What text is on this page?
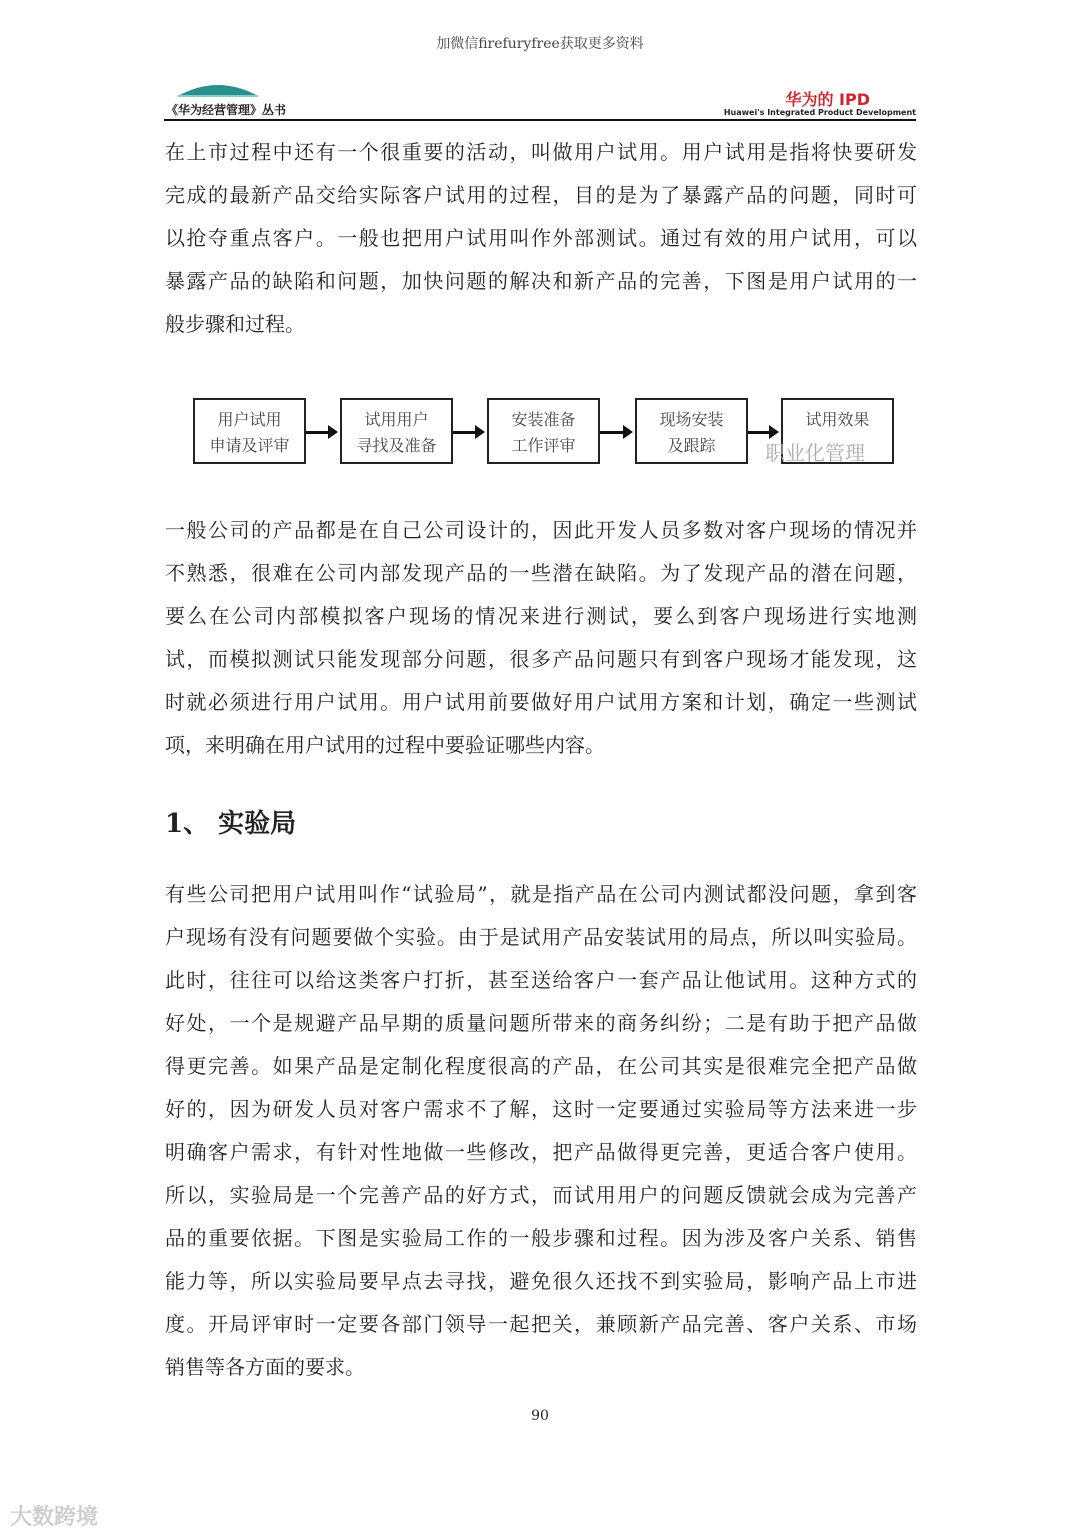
加微信firefuryfree获取更多资料
《华为经营管理》丛书
华为的 IPD
Huawei's Integrated Product Development
在上市过程中还有一个很重要的活动，叫做用户试用。用户试用是指将快要研发
完成的最新产品交给实际客户试用的过程，目的是为了暴露产品的问题，同时可
以抢夺重点客户。一般也把用户试用叫作外部测试。通过有效的用户试用，可以
暴露产品的缺陷和问题，加快问题的解决和新产品的完善，下图是用户试用的一
般步骤和过程。
用户试用
申请及评审
试用用户
寻找及准备
安装准备
工作评审
现场安装
及跟踪
试用效果
职业化管理
一般公司的产品都是在自己公司设计的，因此开发人员多数对客户现场的情况并
不熟悉，很难在公司内部发现产品的一些潜在缺陷。为了发现产品的潜在问题，
要么在公司内部模拟客户现场的情况来进行测试，要么到客户现场进行实地测
试，而模拟测试只能发现部分问题，很多产品问题只有到客户现场才能发现，这
时就必须进行用户试用。用户试用前要做好用户试用方案和计划，确定一些测试
项，来明确在用户试用的过程中要验证哪些内容。
1、 实验局
有些公司把用户试用叫作“试验局”，就是指产品在公司内测试都没问题，拿到客
户现场有没有问题要做个实验。由于是试用产品安装试用的局点，所以叫实验局。
此时，往往可以给这类客户打折，甚至送给客户一套产品让他试用。这种方式的
好处，一个是规避产品早期的质量问题所带来的商务纠纷；二是有助于把产品做
得更完善。如果产品是定制化程度很高的产品，在公司其实是很难完全把产品做
好的，因为研发人员对客户需求不了解，这时一定要通过实验局等方法来进一步
明确客户需求，有针对性地做一些修改，把产品做得更完善，更适合客户使用。
所以，实验局是一个完善产品的好方式，而试用用户的问题反馈就会成为完善产
品的重要依据。下图是实验局工作的一般步骤和过程。因为涉及客户关系、销售
能力等，所以实验局要早点去寻找，避免很久还找不到实验局，影响产品上市进
度。开局评审时一定要各部门领导一起把关，兼顾新产品完善、客户关系、市场
销售等各方面的要求。
90
大数跨境
